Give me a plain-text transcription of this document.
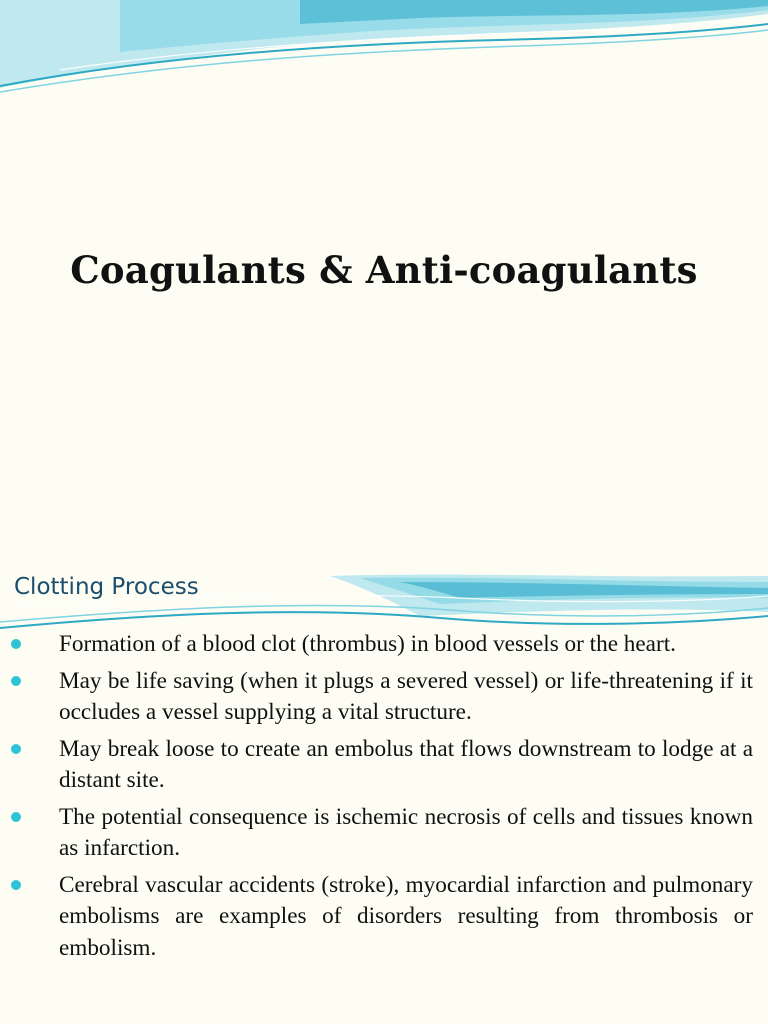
Coagulants & Anti-coagulants
Clotting Process
Formation of a blood clot (thrombus) in blood vessels or the heart.
May be life saving (when it plugs a severed vessel) or life-threatening if it occludes a vessel supplying a vital structure.
May break loose to create an embolus that flows downstream to lodge at a distant site.
The potential consequence is ischemic necrosis of cells and tissues known as infarction.
Cerebral vascular accidents (stroke), myocardial infarction and pulmonary embolisms are examples of disorders resulting from thrombosis or embolism.
